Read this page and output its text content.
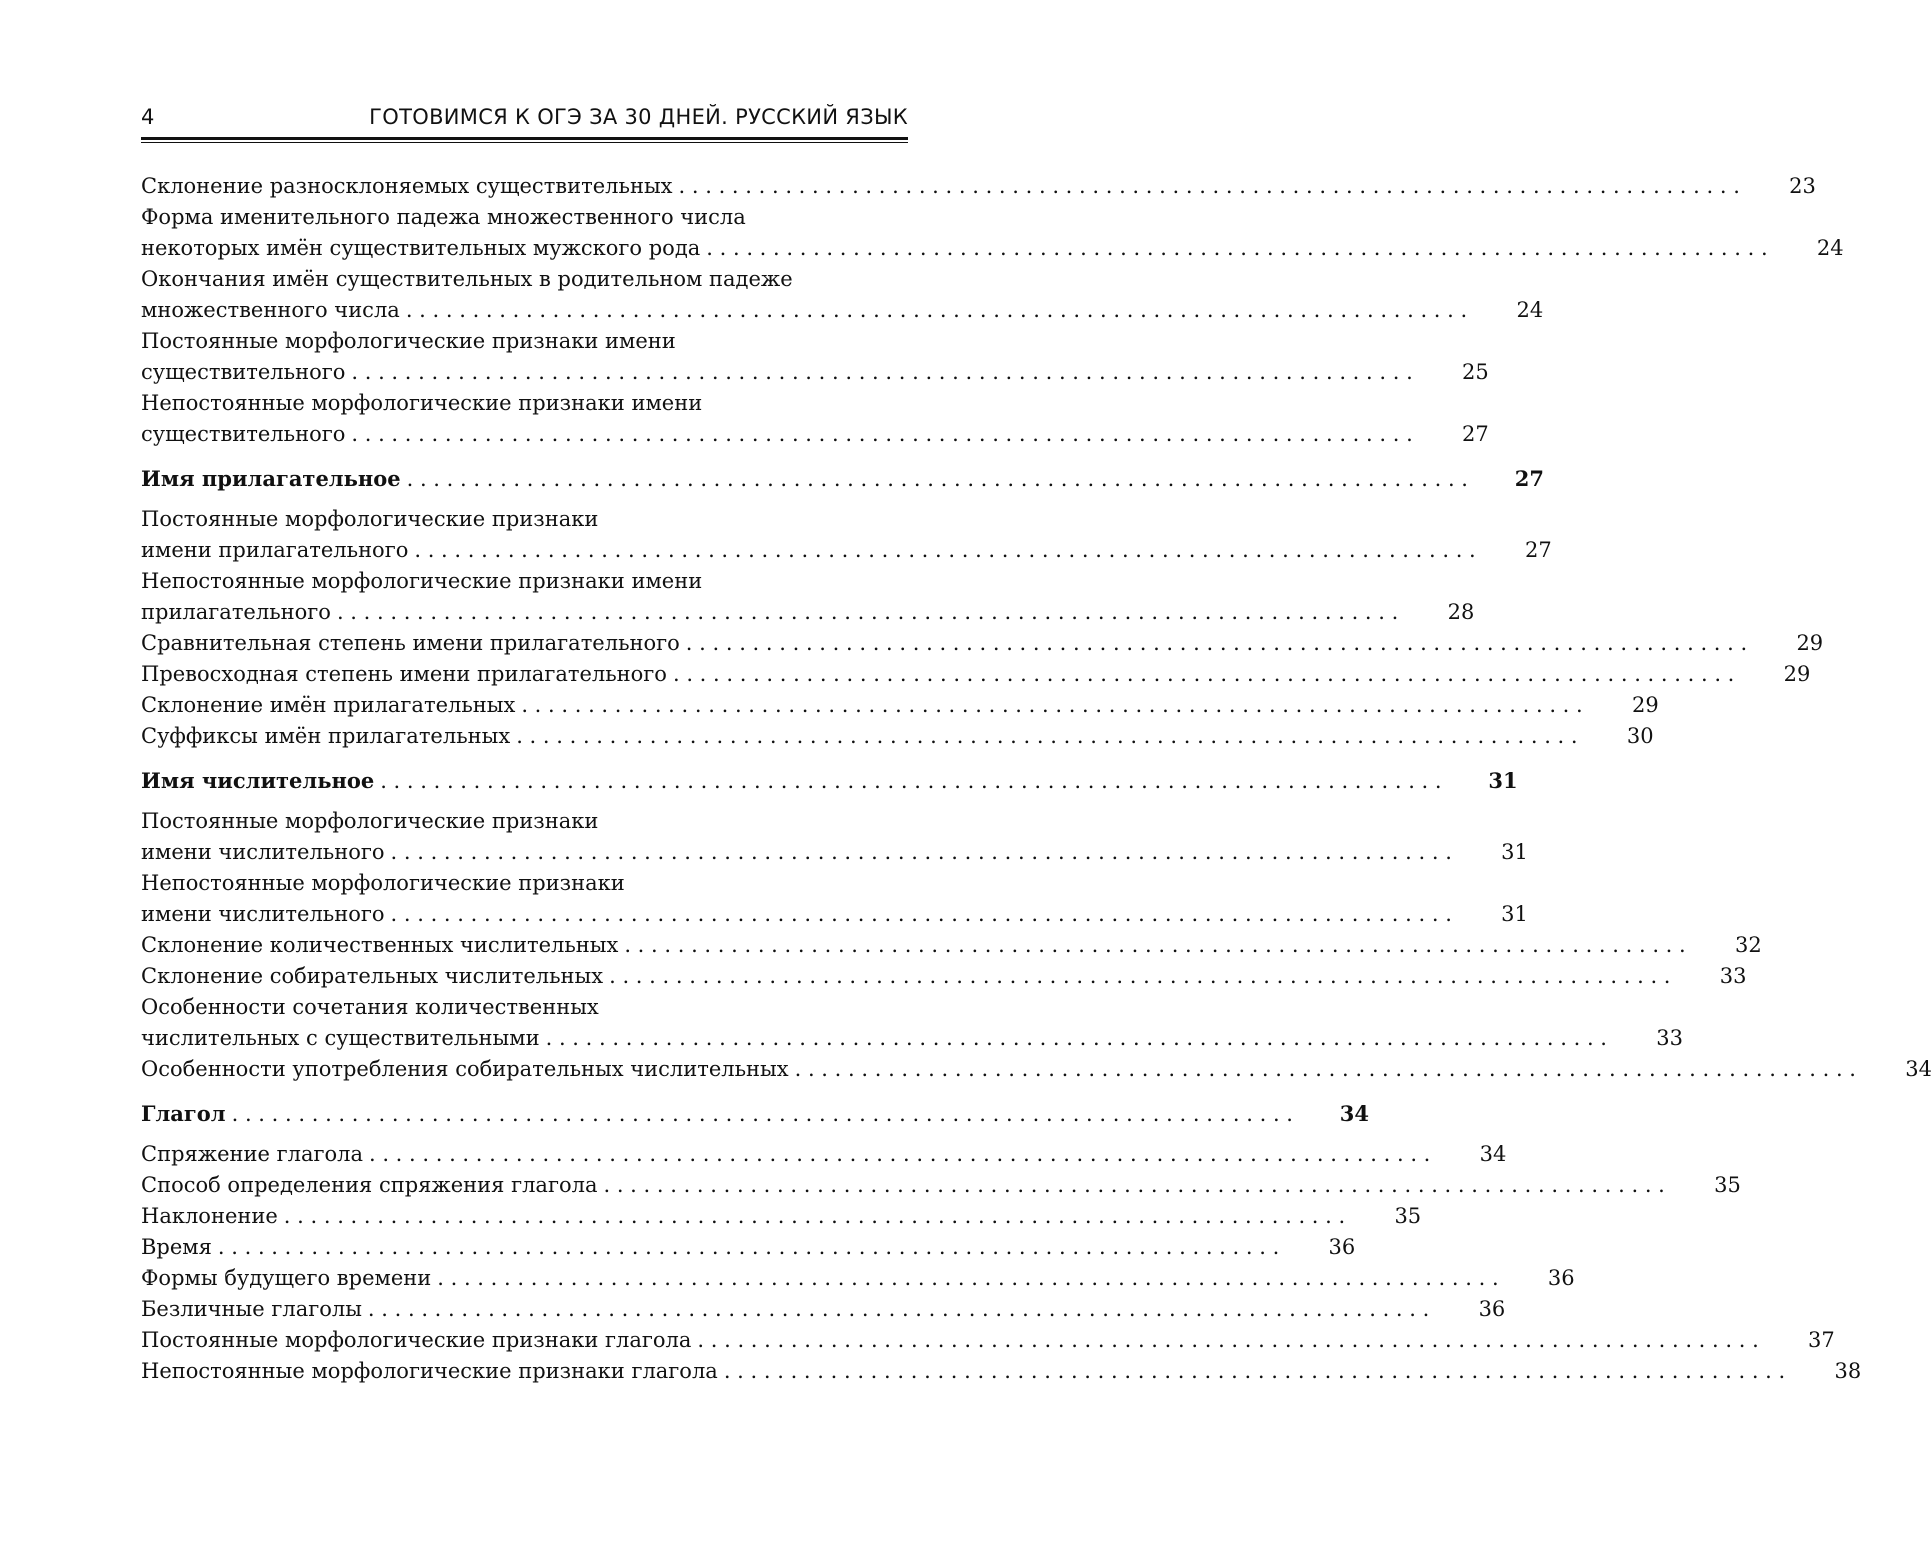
4	ГОТОВИМСЯ К ОГЭ ЗА 30 ДНЕЙ. РУССКИЙ ЯЗЫК
Склонение разносклоняемых существительных . . . . . . . . . . . . . . . . . . . . . . . . . . . . . . . . . . . . . . . . . . . . . . . . . . . . . . . . . . . . . . . . . . . . . . . . . . . . . . . .	23
Форма именительного падежа множественного числа
некоторых имён существительных мужского рода . . . . . . . . . . . . . . . . . . . . . . . . . . . . . . . . . . . . . . . . . . . . . . . . . . . . . . . . . . . . . . . . . . . . . . . . . . . . . . . .	24
Окончания имён существительных в родительном падеже
множественного числа . . . . . . . . . . . . . . . . . . . . . . . . . . . . . . . . . . . . . . . . . . . . . . . . . . . . . . . . . . . . . . . . . . . . . . . . . . . . . . . .	24
Постоянные морфологические признаки имени
существительного . . . . . . . . . . . . . . . . . . . . . . . . . . . . . . . . . . . . . . . . . . . . . . . . . . . . . . . . . . . . . . . . . . . . . . . . . . . . . . . .	25
Непостоянные морфологические признаки имени
существительного . . . . . . . . . . . . . . . . . . . . . . . . . . . . . . . . . . . . . . . . . . . . . . . . . . . . . . . . . . . . . . . . . . . . . . . . . . . . . . . .	27
Имя прилагательное . . . . . . . . . . . . . . . . . . . . . . . . . . . . . . . . . . . . . . . . . . . . . . . . . . . . . . . . . . . . . . . . . . . . . . . . . . . . . . . .	27
Постоянные морфологические признаки
имени прилагательного . . . . . . . . . . . . . . . . . . . . . . . . . . . . . . . . . . . . . . . . . . . . . . . . . . . . . . . . . . . . . . . . . . . . . . . . . . . . . . . .	27
Непостоянные морфологические признаки имени
прилагательного . . . . . . . . . . . . . . . . . . . . . . . . . . . . . . . . . . . . . . . . . . . . . . . . . . . . . . . . . . . . . . . . . . . . . . . . . . . . . . . .	28
Сравнительная степень имени прилагательного . . . . . . . . . . . . . . . . . . . . . . . . . . . . . . . . . . . . . . . . . . . . . . . . . . . . . . . . . . . . . . . . . . . . . . . . . . . . . . . .	29
Превосходная степень имени прилагательного . . . . . . . . . . . . . . . . . . . . . . . . . . . . . . . . . . . . . . . . . . . . . . . . . . . . . . . . . . . . . . . . . . . . . . . . . . . . . . . .	29
Склонение имён прилагательных . . . . . . . . . . . . . . . . . . . . . . . . . . . . . . . . . . . . . . . . . . . . . . . . . . . . . . . . . . . . . . . . . . . . . . . . . . . . . . . .	29
Суффиксы имён прилагательных . . . . . . . . . . . . . . . . . . . . . . . . . . . . . . . . . . . . . . . . . . . . . . . . . . . . . . . . . . . . . . . . . . . . . . . . . . . . . . . .	30
Имя числительное . . . . . . . . . . . . . . . . . . . . . . . . . . . . . . . . . . . . . . . . . . . . . . . . . . . . . . . . . . . . . . . . . . . . . . . . . . . . . . . .	31
Постоянные морфологические признаки
имени числительного . . . . . . . . . . . . . . . . . . . . . . . . . . . . . . . . . . . . . . . . . . . . . . . . . . . . . . . . . . . . . . . . . . . . . . . . . . . . . . . .	31
Непостоянные морфологические признаки
имени числительного . . . . . . . . . . . . . . . . . . . . . . . . . . . . . . . . . . . . . . . . . . . . . . . . . . . . . . . . . . . . . . . . . . . . . . . . . . . . . . . .	31
Склонение количественных числительных . . . . . . . . . . . . . . . . . . . . . . . . . . . . . . . . . . . . . . . . . . . . . . . . . . . . . . . . . . . . . . . . . . . . . . . . . . . . . . . .	32
Склонение собирательных числительных . . . . . . . . . . . . . . . . . . . . . . . . . . . . . . . . . . . . . . . . . . . . . . . . . . . . . . . . . . . . . . . . . . . . . . . . . . . . . . . .	33
Особенности сочетания количественных
числительных с существительными . . . . . . . . . . . . . . . . . . . . . . . . . . . . . . . . . . . . . . . . . . . . . . . . . . . . . . . . . . . . . . . . . . . . . . . . . . . . . . . .	33
Особенности употребления собирательных числительных . . . . . . . . . . . . . . . . . . . . . . . . . . . . . . . . . . . . . . . . . . . . . . . . . . . . . . . . . . . . . . . . . . . . . . . . . . . . . . . .	34
Глагол . . . . . . . . . . . . . . . . . . . . . . . . . . . . . . . . . . . . . . . . . . . . . . . . . . . . . . . . . . . . . . . . . . . . . . . . . . . . . . . .	34
Спряжение глагола . . . . . . . . . . . . . . . . . . . . . . . . . . . . . . . . . . . . . . . . . . . . . . . . . . . . . . . . . . . . . . . . . . . . . . . . . . . . . . . .	34
Способ определения спряжения глагола . . . . . . . . . . . . . . . . . . . . . . . . . . . . . . . . . . . . . . . . . . . . . . . . . . . . . . . . . . . . . . . . . . . . . . . . . . . . . . . .	35
Наклонение . . . . . . . . . . . . . . . . . . . . . . . . . . . . . . . . . . . . . . . . . . . . . . . . . . . . . . . . . . . . . . . . . . . . . . . . . . . . . . . .	35
Время . . . . . . . . . . . . . . . . . . . . . . . . . . . . . . . . . . . . . . . . . . . . . . . . . . . . . . . . . . . . . . . . . . . . . . . . . . . . . . . .	36
Формы будущего времени . . . . . . . . . . . . . . . . . . . . . . . . . . . . . . . . . . . . . . . . . . . . . . . . . . . . . . . . . . . . . . . . . . . . . . . . . . . . . . . .	36
Безличные глаголы . . . . . . . . . . . . . . . . . . . . . . . . . . . . . . . . . . . . . . . . . . . . . . . . . . . . . . . . . . . . . . . . . . . . . . . . . . . . . . . .	36
Постоянные морфологические признаки глагола . . . . . . . . . . . . . . . . . . . . . . . . . . . . . . . . . . . . . . . . . . . . . . . . . . . . . . . . . . . . . . . . . . . . . . . . . . . . . . . .	37
Непостоянные морфологические признаки глагола . . . . . . . . . . . . . . . . . . . . . . . . . . . . . . . . . . . . . . . . . . . . . . . . . . . . . . . . . . . . . . . . . . . . . . . . . . . . . . . .	38
